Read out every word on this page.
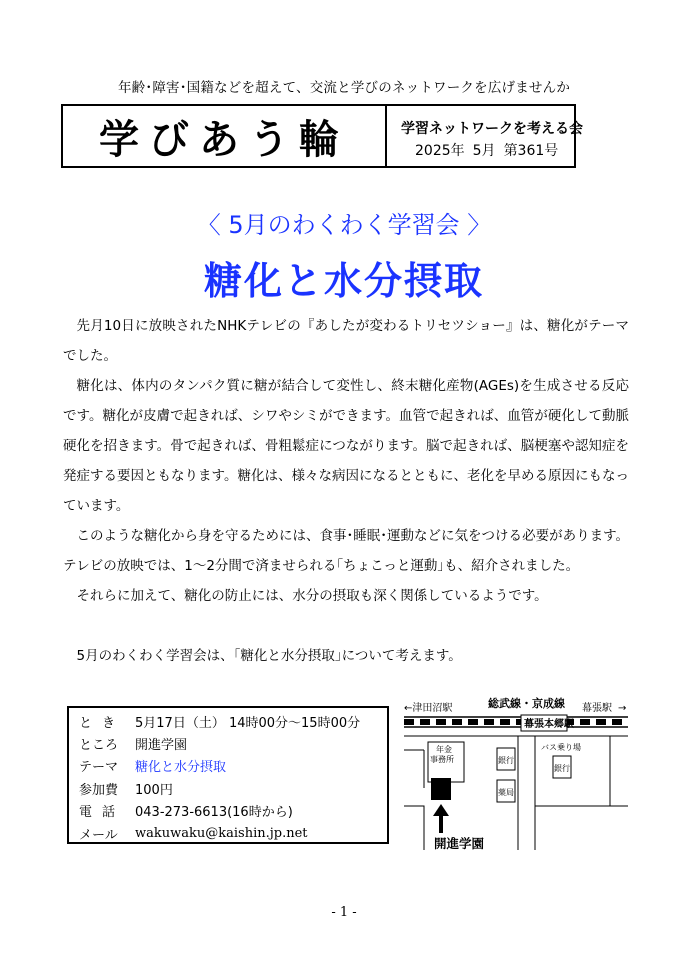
年齢･障害･国籍などを超えて、交流と学びのネットワークを広げませんか
学びあう輪	学習ネットワークを考える会
2025年 5月 第361号
〈 5月のわくわく学習会 〉
糖化と水分摂取

先月10日に放映されたNHKテレビの『あしたが変わるトリセツショー』は、糖化がテーマでした。

糖化は、体内のタンパク質に糖が結合して変性し、終末糖化産物(AGEs)を生成させる反応です。糖化が皮膚で起きれば、シワやシミができます。血管で起きれば、血管が硬化して動脈硬化を招きます。骨で起きれば、骨粗鬆症につながります。脳で起きれば、脳梗塞や認知症を発症する要因ともなります。糖化は、様々な病因になるとともに、老化を早める原因にもなっています。

このような糖化から身を守るためには、食事･睡眠･運動などに気をつける必要があります。テレビの放映では、1～2分間で済ませられる｢ちょこっと運動｣も、紹介されました。

それらに加えて、糖化の防止には、水分の摂取も深く関係しているようです。

5月のわくわく学習会は、｢糖化と水分摂取｣について考えます。

とき 5月17日（土） 14時00分～15時00分
ところ	開進学園
テーマ	糖化と水分摂取
参加費	100円
電話 043-273-6613(16時から)
メール	wakuwaku@kaishin.jp.net
←津田沼駅	総武線・京成線 幕張駅 →
幕張本郷駅
年金
事務所	銀行
薬局
バス乗り場
銀行
開進学園
- 1 -
